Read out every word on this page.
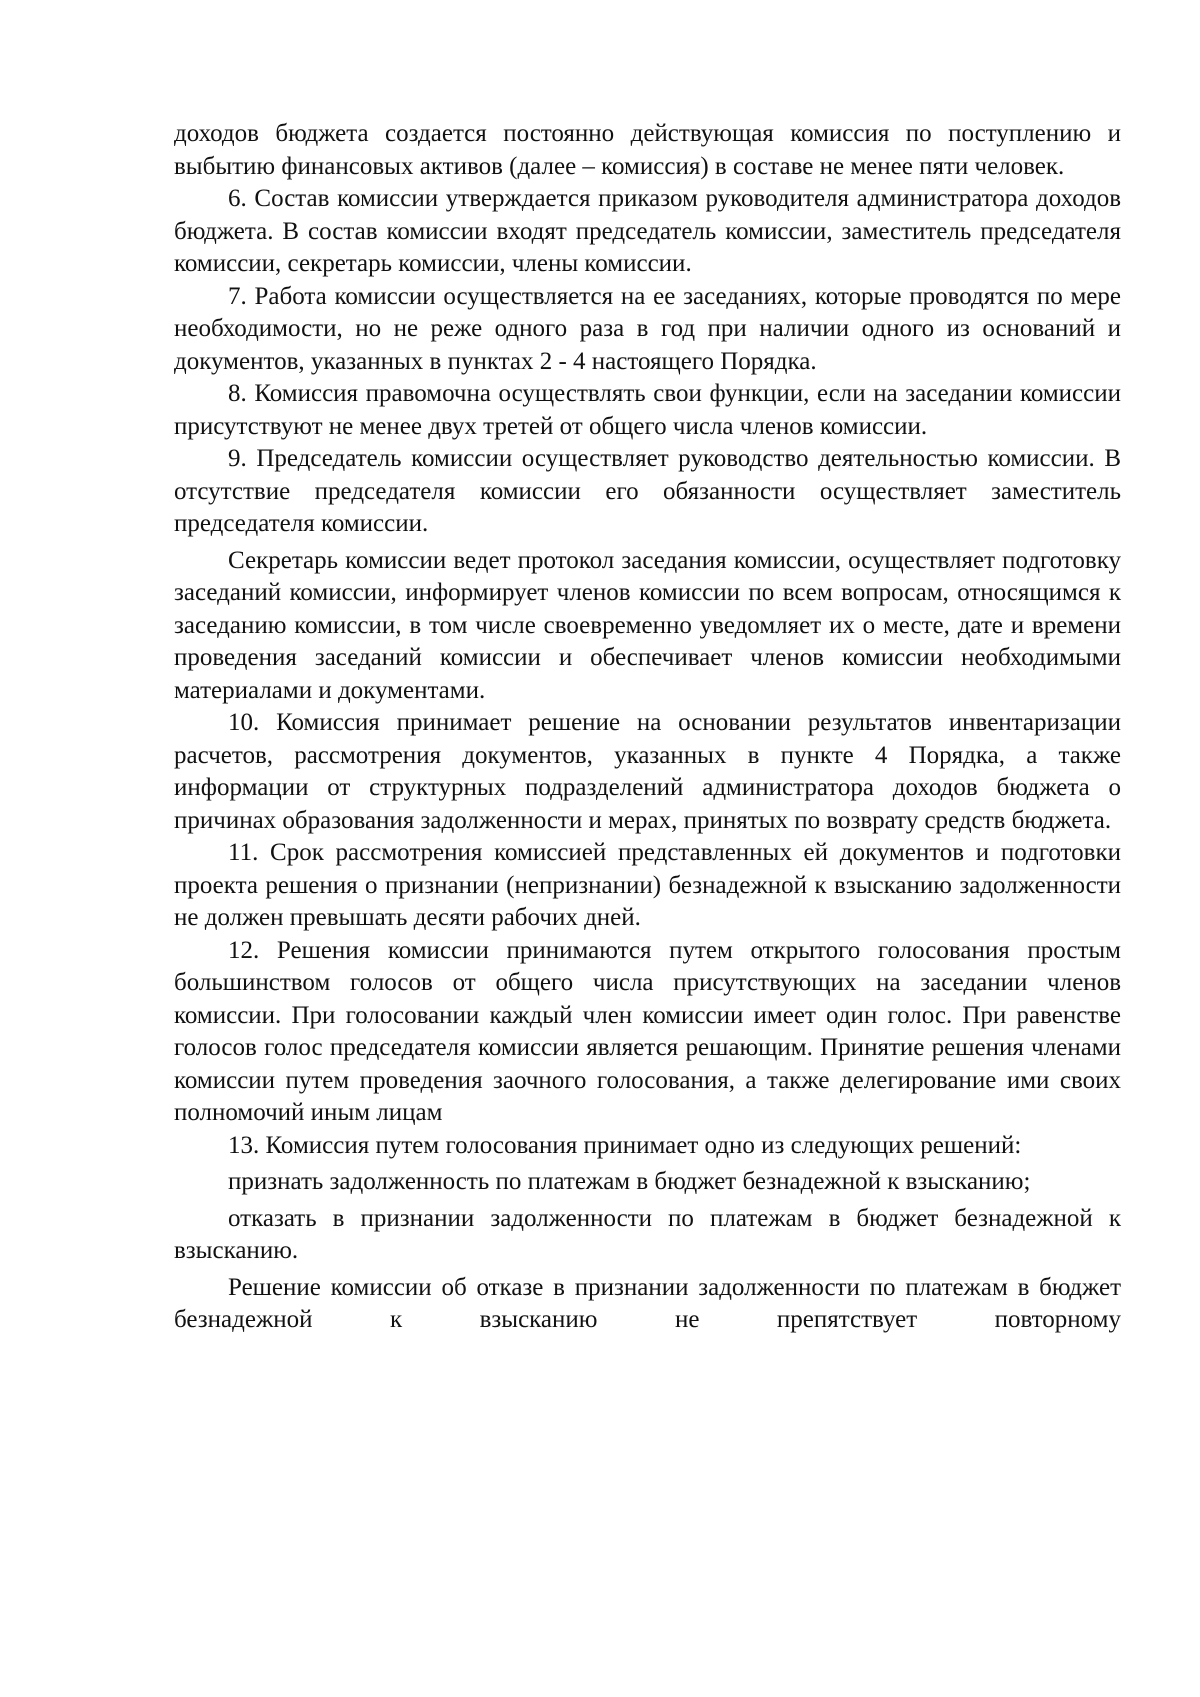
доходов бюджета создается постоянно действующая комиссия по поступлению и выбытию финансовых активов (далее – комиссия) в составе не менее пяти человек.

6. Состав комиссии утверждается приказом руководителя администратора доходов бюджета. В состав комиссии входят председатель комиссии, заместитель председателя комиссии, секретарь комиссии, члены комиссии.

7. Работа комиссии осуществляется на ее заседаниях, которые проводятся по мере необходимости, но не реже одного раза в год при наличии одного из оснований и документов, указанных в пунктах 2 - 4 настоящего Порядка.

8. Комиссия правомочна осуществлять свои функции, если на заседании комиссии присутствуют не менее двух третей от общего числа членов комиссии.

9. Председатель комиссии осуществляет руководство деятельностью комиссии. В отсутствие председателя комиссии его обязанности осуществляет заместитель председателя комиссии.

Секретарь комиссии ведет протокол заседания комиссии, осуществляет подготовку заседаний комиссии, информирует членов комиссии по всем вопросам, относящимся к заседанию комиссии, в том числе своевременно уведомляет их о месте, дате и времени проведения заседаний комиссии и обеспечивает членов комиссии необходимыми материалами и документами.

10. Комиссия принимает решение на основании результатов инвентаризации расчетов, рассмотрения документов, указанных в пункте 4 Порядка, а также информации от структурных подразделений администратора доходов бюджета о причинах образования задолженности и мерах, принятых по возврату средств бюджета.

11. Срок рассмотрения комиссией представленных ей документов и подготовки проекта решения о признании (непризнании) безнадежной к взысканию задолженности не должен превышать десяти рабочих дней.

12. Решения комиссии принимаются путем открытого голосования простым большинством голосов от общего числа присутствующих на заседании членов комиссии. При голосовании каждый член комиссии имеет один голос. При равенстве голосов голос председателя комиссии является решающим. Принятие решения членами комиссии путем проведения заочного голосования, а также делегирование ими своих полномочий иным лицам

13. Комиссия путем голосования принимает одно из следующих решений:

признать задолженность по платежам в бюджет безнадежной к взысканию;

отказать в признании задолженности по платежам в бюджет безнадежной к взысканию.

Решение комиссии об отказе в признании задолженности по платежам в бюджет безнадежной к взысканию не препятствует повторному
